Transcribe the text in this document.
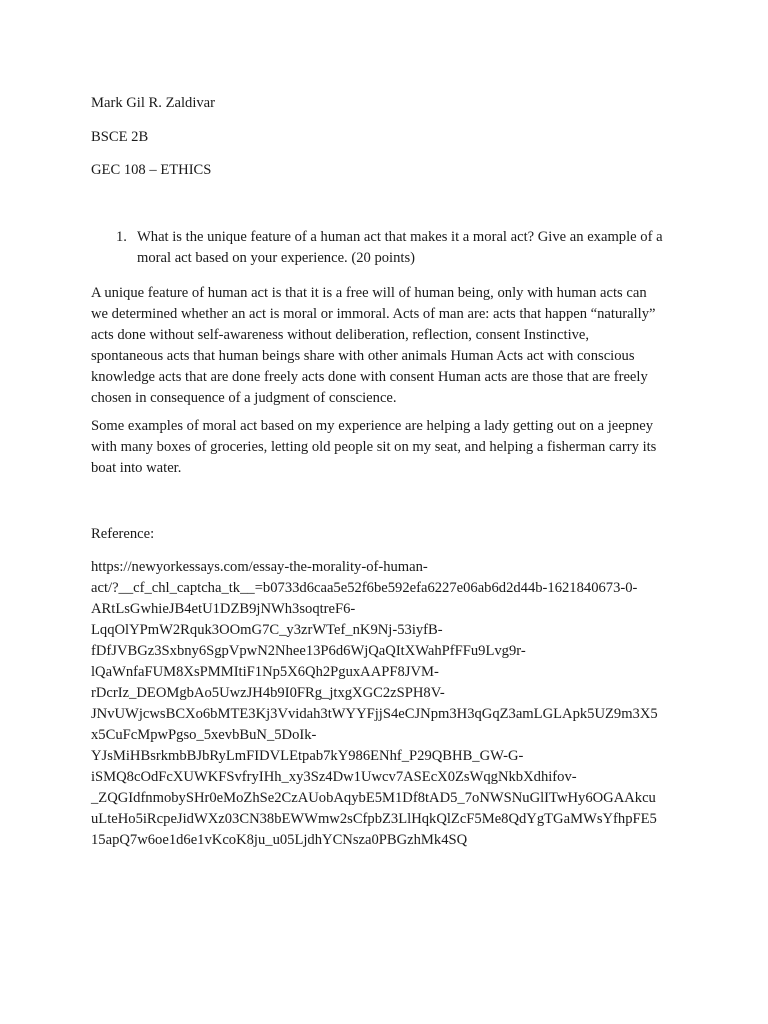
Mark Gil R. Zaldivar
BSCE 2B
GEC 108 – ETHICS
1. What is the unique feature of a human act that makes it a moral act? Give an example of a moral act based on your experience. (20 points)
A unique feature of human act is that it is a free will of human being, only with human acts can
we determined whether an act is moral or immoral. Acts of man are: acts that happen “naturally”
acts done without self-awareness without deliberation, reflection, consent Instinctive,
spontaneous acts that human beings share with other animals Human Acts act with conscious
knowledge acts that are done freely acts done with consent Human acts are those that are freely
chosen in consequence of a judgment of conscience.
Some examples of moral act based on my experience are helping a lady getting out on a jeepney
with many boxes of groceries, letting old people sit on my seat, and helping a fisherman carry its
boat into water.
Reference:
https://newyorkessays.com/essay-the-morality-of-human-
act/?__cf_chl_captcha_tk__=b0733d6caa5e52f6be592efa6227e06ab6d2d44b-1621840673-0-
ARtLsGwhieJB4etU1DZB9jNWh3soqtreF6-
LqqOlYPmW2Rquk3OOmG7C_y3zrWTef_nK9Nj-53iyfB-
fDfJVBGz3Sxbny6SgpVpwN2Nhee13P6d6WjQaQItXWahPfFFu9Lvg9r-
lQaWnfaFUM8XsPMMItiF1Np5X6Qh2PguxAAPF8JVM-
rDcrIz_DEOMgbAo5UwzJH4b9I0FRg_jtxgXGC2zSPH8V-
JNvUWjcwsBCXo6bMTE3Kj3Vvidah3tWYYFjjS4eCJNpm3H3qGqZ3amLGLApk5UZ9m3X5
x5CuFcMpwPgso_5xevbBuN_5DoIk-
YJsMiHBsrkmbBJbRyLmFIDVLEtpab7kY986ENhf_P29QBHB_GW-G-
iSMQ8cOdFcXUWKFSvfryIHh_xy3Sz4Dw1Uwcv7ASEcX0ZsWqgNkbXdhifov-
_ZQGIdfnmobySHr0eMoZhSe2CzAUobAqybE5M1Df8tAD5_7oNWSNuGlITwHy6OGAAkcu
uLteHo5iRcpeJidWXz03CN38bEWWmw2sCfpbZ3LlHqkQlZcF5Me8QdYgTGaMWsYfhpFE5
15apQ7w6oe1d6e1vKcoK8ju_u05LjdhYCNsza0PBGzhMk4SQ
